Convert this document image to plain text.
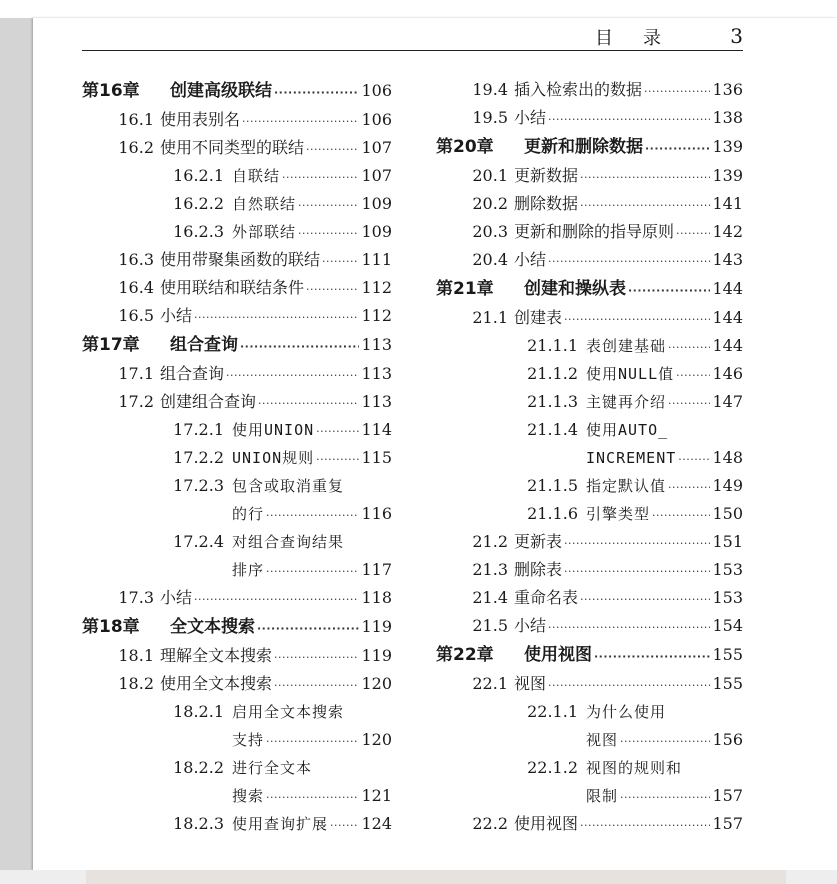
目录 3
第16章	创建高级联结 ·····	106
16.1 使用表别名 ·····	106
16.2 使用不同类型的联结 ·····	107
16.2.1 自联结 ·····	107
16.2.2 自然联结 ·····	109
16.2.3 外部联结 ·····	109
16.3 使用带聚集函数的联结 ·····	111
16.4 使用联结和联结条件 ·····	112
16.5 小结 ·····	112
第17章	组合查询 ·····	113
17.1 组合查询 ·····	113
17.2 创建组合查询 ·····	113
17.2.1 使用UNION ·····	114
17.2.2 UNION规则 ·····	115
17.2.3 包含或取消重复
的行 ·····	116
17.2.4 对组合查询结果
排序 ·····	117
17.3 小结 ·····	118
第18章	全文本搜索 ·····	119
18.1 理解全文本搜索 ·····	119
18.2 使用全文本搜索 ·····	120
18.2.1 启用全文本搜索
支持 ·····	120
18.2.2 进行全文本
搜索 ·····	121
18.2.3 使用查询扩展 ····· 124
19.4 插入检索出的数据 ·····	136
19.5 小结 ·····	138
第20章	更新和删除数据 ·····	139
20.1 更新数据 ·····	139
20.2 删除数据 ·····	141
20.3 更新和删除的指导原则 ····· 142
20.4 小结 ·····	143
第21章	创建和操纵表 ·····	144
21.1 创建表 ·····	144
21.1.1 表创建基础 ·····	144
21.1.2 使用NULL值 ····· 146
21.1.3 主键再介绍 ·····	147
21.1.4 使用AUTO_
INCREMENT ····· 148
21.1.5 指定默认值 ·····	149
21.1.6 引擎类型 ·····	150
21.2 更新表 ·····	151
21.3 删除表 ·····	153
21.4 重命名表 ·····	153
21.5 小结 ·····	154
第22章	使用视图 ·····	155
22.1 视图 ·····	155
22.1.1 为什么使用
视图 ·····	156
22.1.2 视图的规则和
限制 ·····	157
22.2 使用视图 ·····	157
